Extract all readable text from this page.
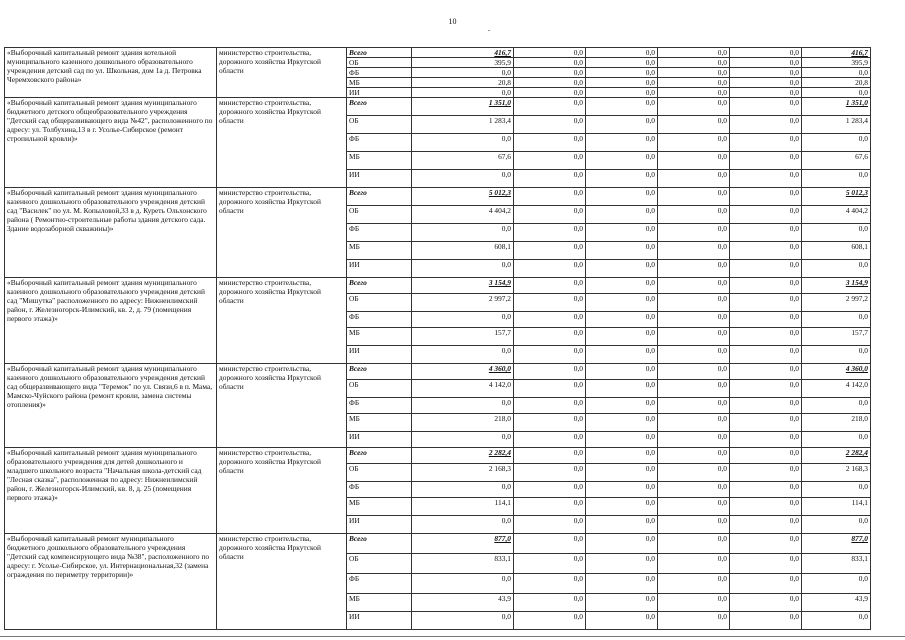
10
«Выборочный капитальный ремонт здания котельной муниципального казенного дошкольного образовательного учреждения детский сад по ул. Школьная, дом 1а д. Петровка Черемховского района»	министерство строительства, дорожного хозяйства Иркутской области	Всего	416,7	0,0	0,0	0,0	0,0	416,7
		ОБ	395,9	0,0	0,0	0,0	0,0	395,9
		ФБ	0,0	0,0	0,0	0,0	0,0	0,0
		МБ	20,8	0,0	0,0	0,0	0,0	20,8
		ИИ	0,0	0,0	0,0	0,0	0,0	0,0
«Выборочный капитальный ремонт здания муниципального бюджетного детского общеобразовательного учреждения "Детский сад общеразвивающего вида №42", расположенного по адресу: ул. Толбухина,13 в г. Усолье-Сибирское (ремонт стропильной кровли)»	министерство строительства, дорожного хозяйства Иркутской области	Всего	1 351,0	0,0	0,0	0,0	0,0	1 351,0
		ОБ	1 283,4	0,0	0,0	0,0	0,0	1 283,4
		ФБ	0,0	0,0	0,0	0,0	0,0	0,0
		МБ	67,6	0,0	0,0	0,0	0,0	67,6
		ИИ	0,0	0,0	0,0	0,0	0,0	0,0
«Выборочный капитальный ремонт здания муниципального казенного дошкольного образовательного учреждения детский сад "Василек" по ул. М. Копыловой,33 в д. Куреть Ольхонского района ( Ремонтно-строительные работы здания детского сада. Здание водозаборной скважины)»	министерство строительства, дорожного хозяйства Иркутской области	Всего	5 012,3	0,0	0,0	0,0	0,0	5 012,3
		ОБ	4 404,2	0,0	0,0	0,0	0,0	4 404,2
		ФБ	0,0	0,0	0,0	0,0	0,0	0,0
		МБ	608,1	0,0	0,0	0,0	0,0	608,1
		ИИ	0,0	0,0	0,0	0,0	0,0	0,0
«Выборочный капитальный ремонт здания муниципального казенного дошкольного образовательного учреждения детский сад "Мишутка" расположенного по адресу: Нижнеилимский район, г. Железногорск-Илимский, кв. 2, д. 79 (помещения первого этажа)»	министерство строительства, дорожного хозяйства Иркутской области	Всего	3 154,9	0,0	0,0	0,0	0,0	3 154,9
		ОБ	2 997,2	0,0	0,0	0,0	0,0	2 997,2
		ФБ	0,0	0,0	0,0	0,0	0,0	0,0
		МБ	157,7	0,0	0,0	0,0	0,0	157,7
		ИИ	0,0	0,0	0,0	0,0	0,0	0,0
«Выборочный капитальный ремонт здания муниципального казенного дошкольного образовательного учреждения детский сад общеразвивающего вида "Теремок" по ул. Связи,6 в п. Мама, Мамско-Чуйского района (ремонт кровли, замена системы отопления)»	министерство строительства, дорожного хозяйства Иркутской области	Всего	4 360,0	0,0	0,0	0,0	0,0	4 360,0
		ОБ	4 142,0	0,0	0,0	0,0	0,0	4 142,0
		ФБ	0,0	0,0	0,0	0,0	0,0	0,0
		МБ	218,0	0,0	0,0	0,0	0,0	218,0
		ИИ	0,0	0,0	0,0	0,0	0,0	0,0
«Выборочный капитальный ремонт здания муниципального образовательного учреждения для детей дошкольного и младшего школьного возраста "Начальная школа-детский сад "Лесная сказка", расположенная по адресу: Нижнеилимский район, г. Железногорск-Илимский, кв. 8, д. 25 (помещения первого этажа)»	министерство строительства, дорожного хозяйства Иркутской области	Всего	2 282,4	0,0	0,0	0,0	0,0	2 282,4
		ОБ	2 168,3	0,0	0,0	0,0	0,0	2 168,3
		ФБ	0,0	0,0	0,0	0,0	0,0	0,0
		МБ	114,1	0,0	0,0	0,0	0,0	114,1
		ИИ	0,0	0,0	0,0	0,0	0,0	0,0
«Выборочный капитальный ремонт муниципального бюджетного дошкольного образовательного учреждения "Детский сад компенсирующего вида №38", расположенного по адресу: г. Усолье-Сибирское, ул. Интернациональная,32 (замена ограждения по периметру территории)»	министерство строительства, дорожного хозяйства Иркутской области	Всего	877,0	0,0	0,0	0,0	0,0	877,0
		ОБ	833,1	0,0	0,0	0,0	0,0	833,1
		ФБ	0,0	0,0	0,0	0,0	0,0	0,0
		МБ	43,9	0,0	0,0	0,0	0,0	43,9
		ИИ	0,0	0,0	0,0	0,0	0,0	0,0
